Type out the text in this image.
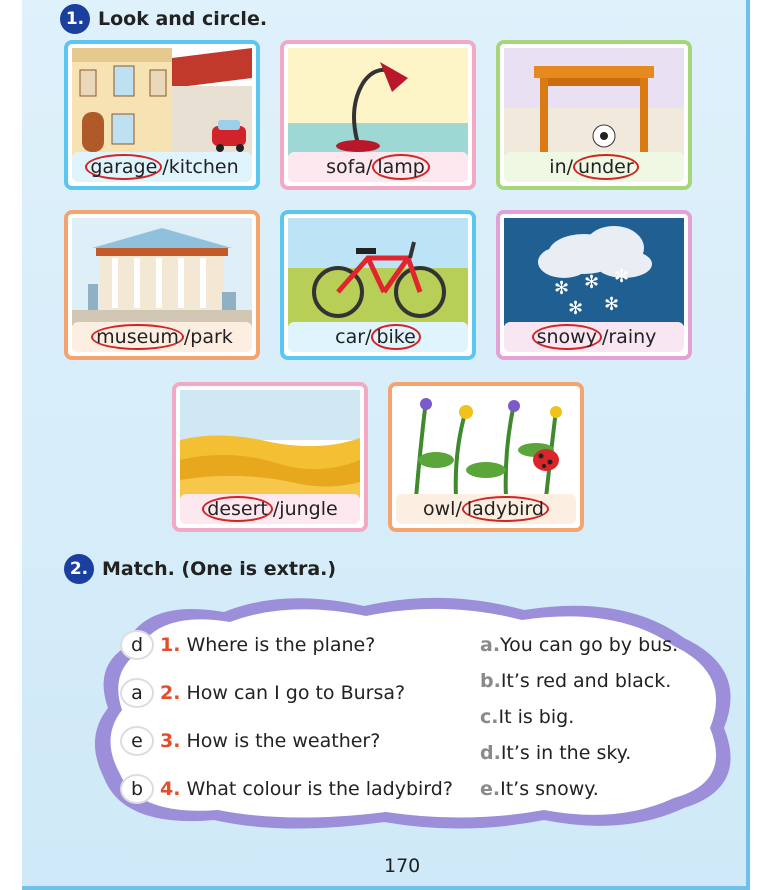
1. Look and circle.
garage / kitchen	sofa / lamp	in / under
museum / park	car / bike
✻ ✻ ✻
✻ ✻
snowy / rainy
desert / jungle	owl / ladybird
2. Match. (One is extra.)
d 1. Where is the plane?
a 2. How can I go to Bursa?
e 3. How is the weather?
b 4. What colour is the ladybird?
a.You can go by bus.
b.It’s red and black.
c.It is big.
d.It’s in the sky.
e.It’s snowy.
170
